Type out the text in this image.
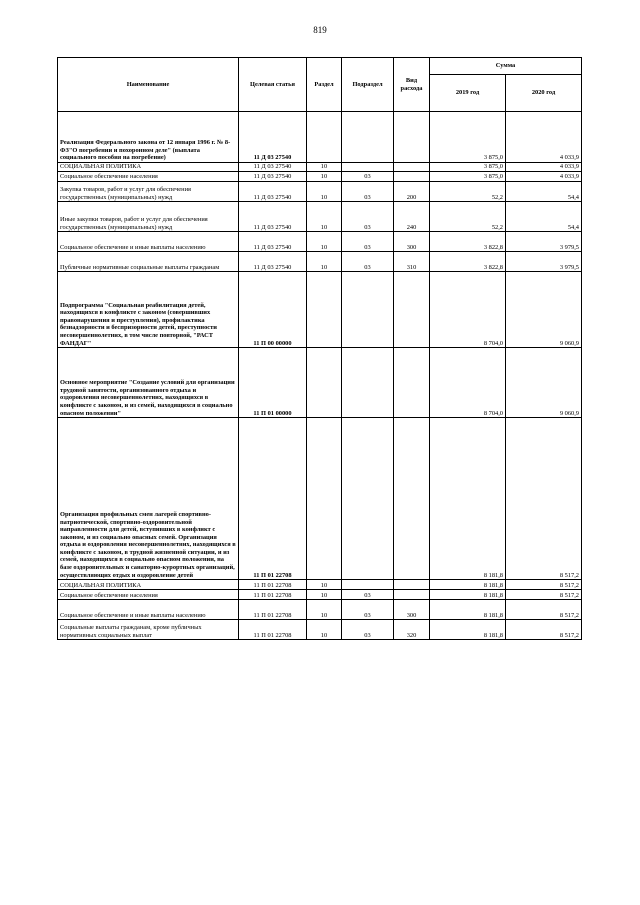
819
Наименование	Целевая статья	Раздел	Подраздел	Вид расхода	Сумма	
					2019 год	2020 год
Реализация Федерального закона от 12 января 1996 г. № 8-ФЗ"О погребении и похоронном деле" (выплата социального пособия на погребение)	11 Д 03 27540				3 875,0	4 033,9
СОЦИАЛЬНАЯ ПОЛИТИКА	11 Д 03 27540	10			3 875,0	4 033,9
Социальное обеспечение населения	11 Д 03 27540	10	03		3 875,0	4 033,9
Закупка товаров, работ и услуг для обеспечения государственных (муниципальных) нужд	11 Д 03 27540	10	03	200	52,2	54,4
Иные закупки товаров, работ и услуг для обеспечения государственных (муниципальных) нужд	11 Д 03 27540	10	03	240	52,2	54,4
Социальное обеспечение и иные выплаты населению	11 Д 03 27540	10	03	300	3 822,8	3 979,5
Публичные нормативные социальные выплаты гражданам	11 Д 03 27540	10	03	310	3 822,8	3 979,5
Подпрограмма "Социальная реабилитация детей, находящихся в конфликте с законом (совершивших правонарушения и преступления), профилактика безнадзорности и беспризорности детей, преступности несовершеннолетних, в том числе повторной, "РАСТ ФАНДАГ"	11 П 00 00000				8 704,0	9 060,9
Основное мероприятие "Создание условий для организации трудовой занятости, организованного отдыха и оздоровления несовершеннолетних, находящихся в конфликте с законом, и из семей, находящихся в социально опасном положении"	11 П 01 00000				8 704,0	9 060,9
Организация профильных смен лагерей спортивно-патриотической, спортивно-оздоровительной направленности для детей, вступивших в конфликт с законом, и из социально опасных семей. Организация отдыха и оздоровления несовершеннолетних, находящихся в конфликте с законом, в трудной жизненной ситуации, и из семей, находящихся в социально опасном положении, на базе оздоровительных и санаторно-курортных организаций, осуществляющих отдых и оздоровление детей	11 П 01 22708				8 181,8	8 517,2
СОЦИАЛЬНАЯ ПОЛИТИКА	11 П 01 22708	10			8 181,8	8 517,2
Социальное обеспечение населения	11 П 01 22708	10	03		8 181,8	8 517,2
Социальное обеспечение и иные выплаты населению	11 П 01 22708	10	03	300	8 181,8	8 517,2
Социальные выплаты гражданам, кроме публичных нормативных социальных выплат	11 П 01 22708	10	03	320	8 181,8	8 517,2
